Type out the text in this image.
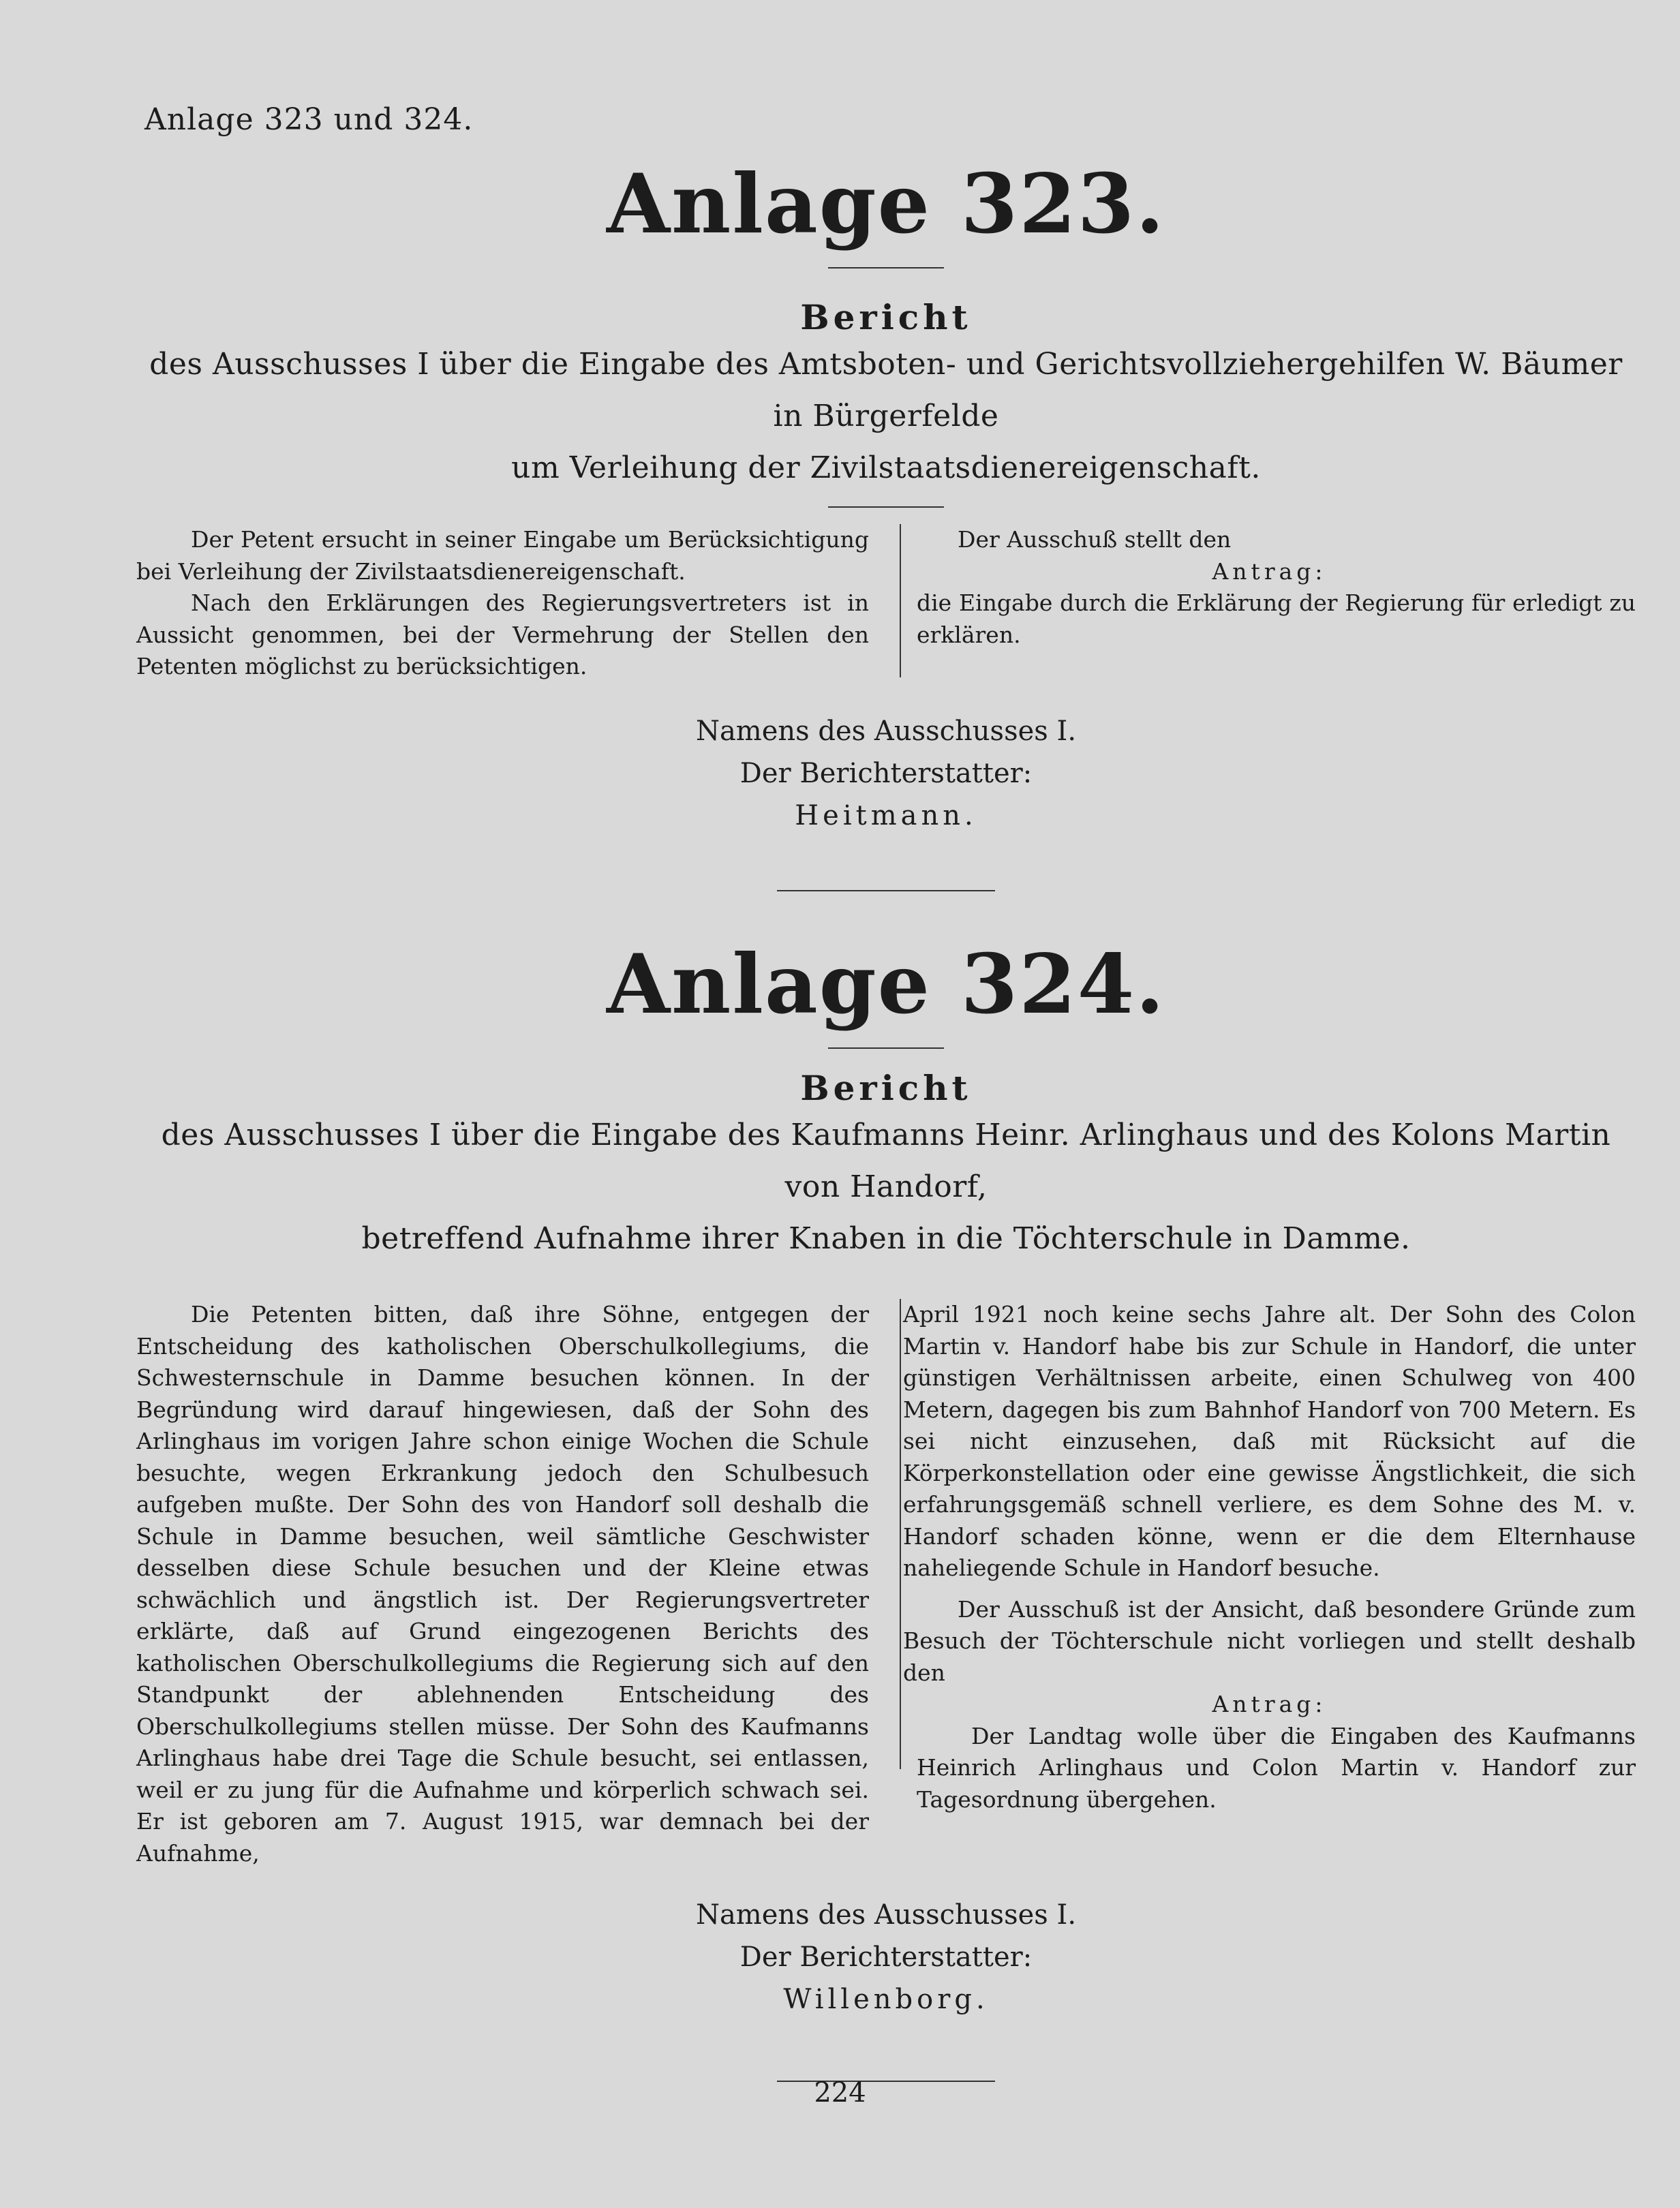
Anlage 323 und 324.
Anlage 323.
Bericht
des Ausschusses I über die Eingabe des Amtsboten- und Gerichtsvollziehergehilfen W. Bäumer in Bürgerfelde
um Verleihung der Zivilstaatsdienereigenschaft.

Der Petent ersucht in seiner Eingabe um Berücksichtigung bei Verleihung der Zivilstaatsdienereigenschaft.

Nach den Erklärungen des Regierungsvertreters ist in Aussicht genommen, bei der Vermehrung der Stellen den Petenten möglichst zu berücksichtigen.

Der Ausschuß stellt den

Antrag:

die Eingabe durch die Erklärung der Regierung für erledigt zu erklären.

Namens des Ausschusses I.
Der Berichterstatter:
Heitmann.
Anlage 324.
Bericht
des Ausschusses I über die Eingabe des Kaufmanns Heinr. Arlinghaus und des Kolons Martin von Handorf,
betreffend Aufnahme ihrer Knaben in die Töchterschule in Damme.

Die Petenten bitten, daß ihre Söhne, entgegen der Entscheidung des katholischen Oberschulkollegiums, die Schwesternschule in Damme besuchen können. In der Begründung wird darauf hingewiesen, daß der Sohn des Arlinghaus im vorigen Jahre schon einige Wochen die Schule besuchte, wegen Erkrankung jedoch den Schulbesuch aufgeben mußte. Der Sohn des von Handorf soll deshalb die Schule in Damme besuchen, weil sämtliche Geschwister desselben diese Schule besuchen und der Kleine etwas schwächlich und ängstlich ist. Der Regierungsvertreter erklärte, daß auf Grund eingezogenen Berichts des katholischen Oberschulkollegiums die Regierung sich auf den Standpunkt der ablehnenden Entscheidung des Oberschulkollegiums stellen müsse. Der Sohn des Kaufmanns Arlinghaus habe drei Tage die Schule besucht, sei entlassen, weil er zu jung für die Aufnahme und körperlich schwach sei. Er ist geboren am 7. August 1915, war demnach bei der Aufnahme,

April 1921 noch keine sechs Jahre alt. Der Sohn des Colon Martin v. Handorf habe bis zur Schule in Handorf, die unter günstigen Verhältnissen arbeite, einen Schulweg von 400 Metern, dagegen bis zum Bahnhof Handorf von 700 Metern. Es sei nicht einzusehen, daß mit Rücksicht auf die Körperkonstellation oder eine gewisse Ängstlichkeit, die sich erfahrungsgemäß schnell verliere, es dem Sohne des M. v. Handorf schaden könne, wenn er die dem Elternhause naheliegende Schule in Handorf besuche.

Der Ausschuß ist der Ansicht, daß besondere Gründe zum Besuch der Töchterschule nicht vorliegen und stellt deshalb den

Antrag:

Der Landtag wolle über die Eingaben des Kaufmanns Heinrich Arlinghaus und Colon Martin v. Handorf zur Tagesordnung übergehen.

Namens des Ausschusses I.
Der Berichterstatter:
Willenborg.
224
